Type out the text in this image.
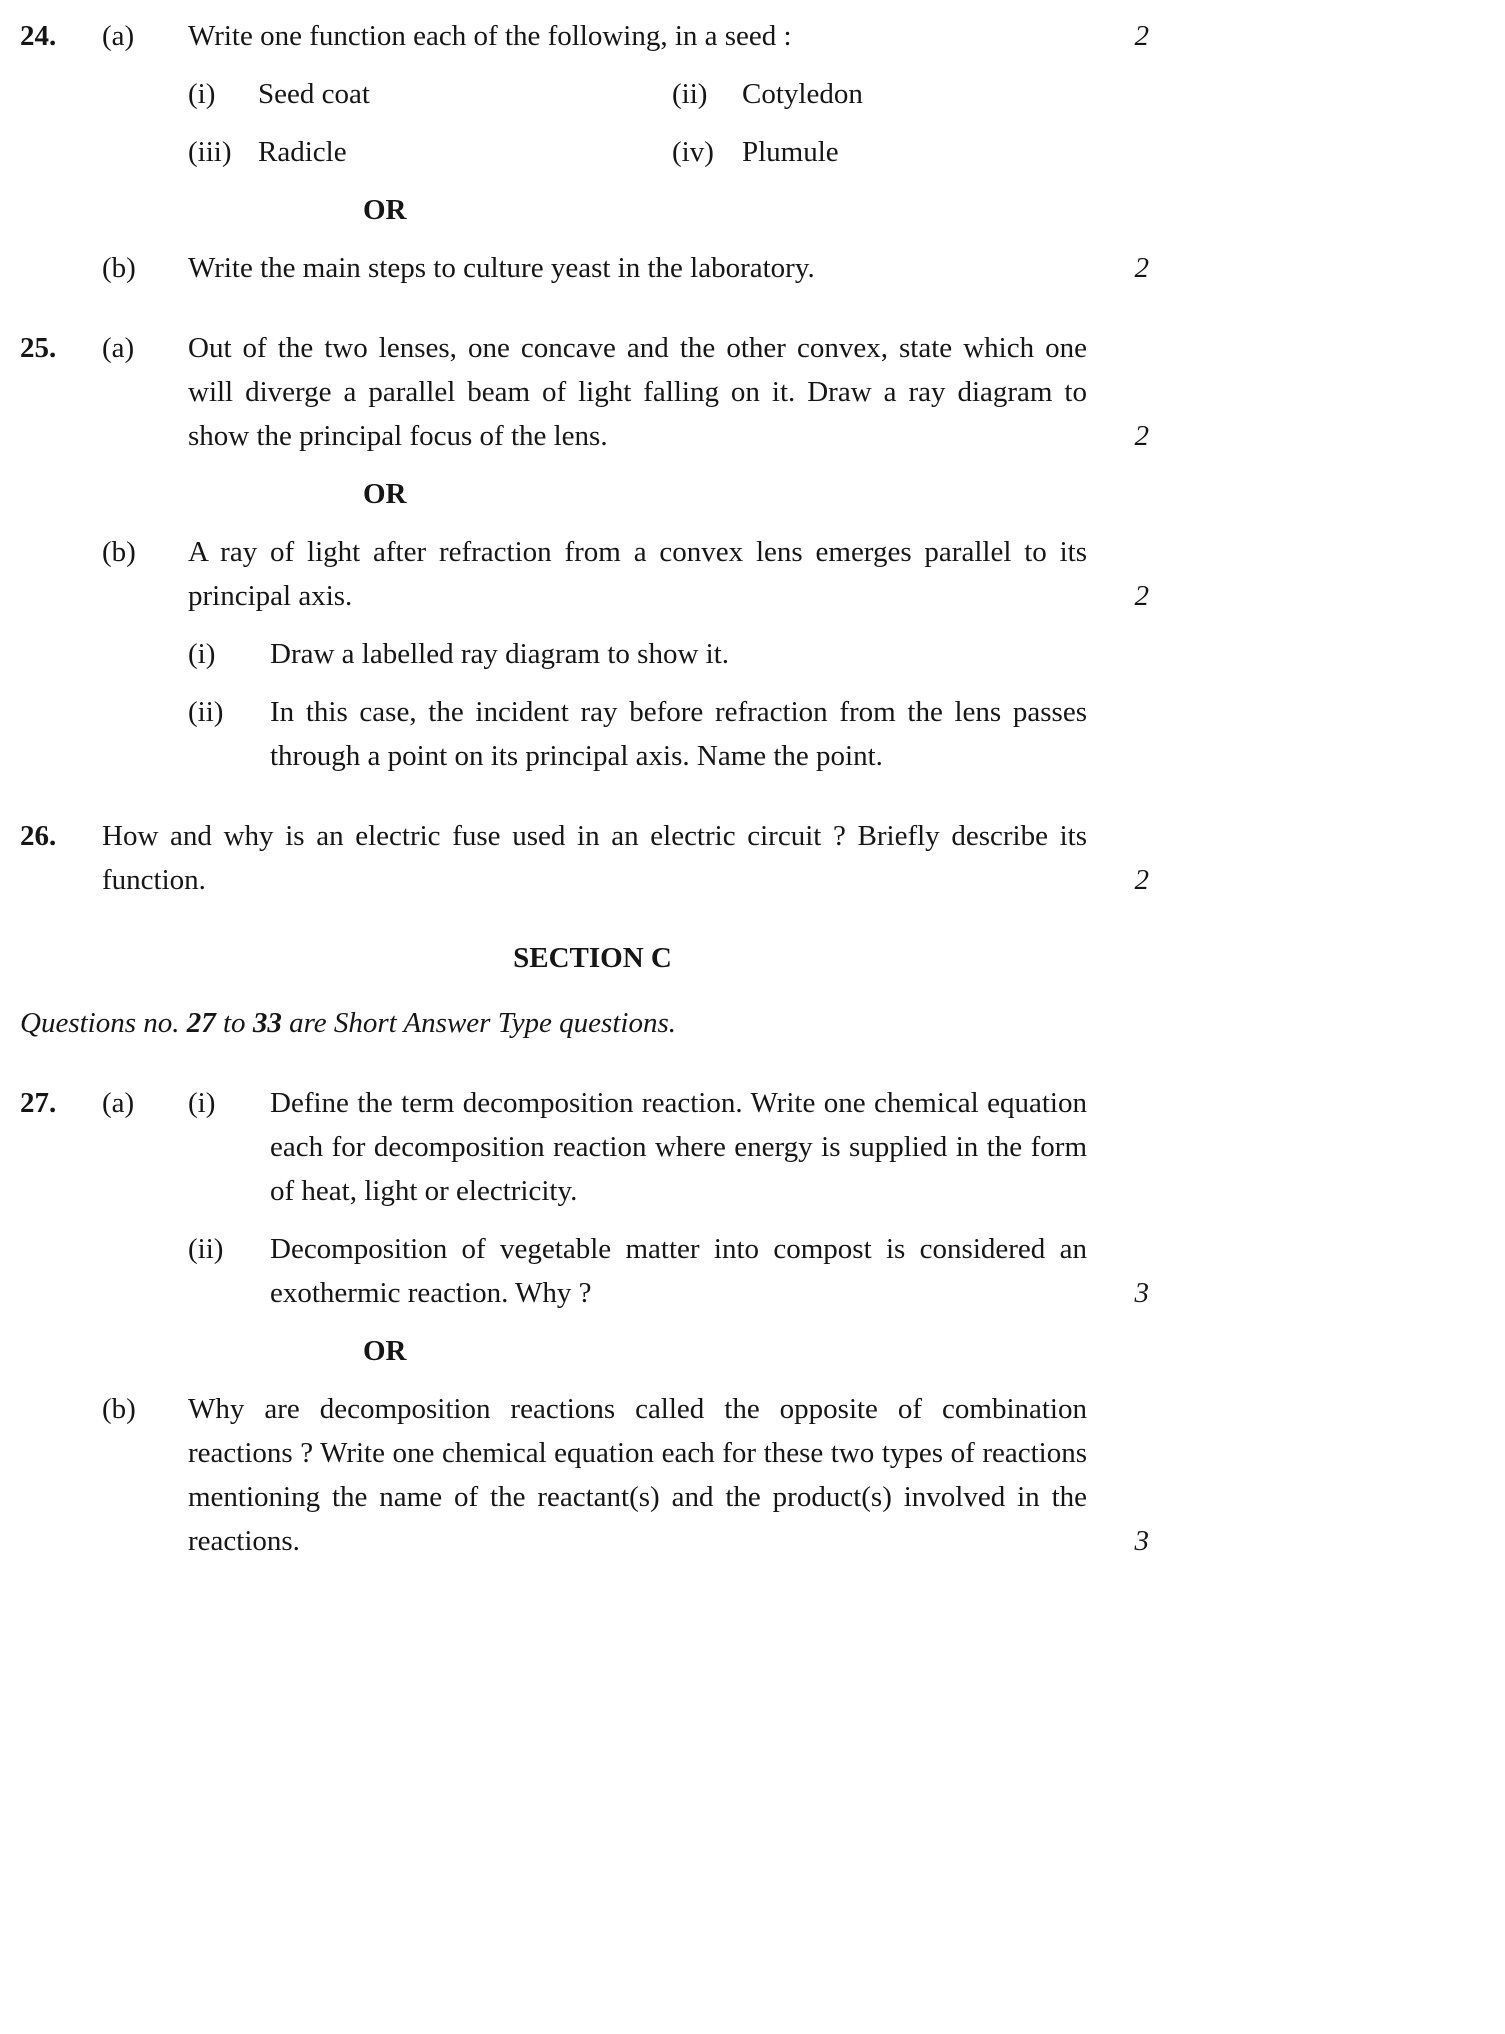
24.	(a)	Write one function each of the following, in a seed :	2
(i)	Seed coat	(ii)	Cotyledon
(iii) Radicle	(iv) Plumule
OR
(b)	Write the main steps to culture yeast in the laboratory.	2
25.	(a)	Out of the two lenses, one concave and the other convex, state which one will diverge a parallel beam of light falling on it. Draw a ray diagram to show the principal focus of the lens.	2
OR
(b)	A ray of light after refraction from a convex lens emerges parallel to its principal axis.	2
(i)	Draw a labelled ray diagram to show it.
(ii)	In this case, the incident ray before refraction from the lens passes through a point on its principal axis. Name the point.
26.	How and why is an electric fuse used in an electric circuit ? Briefly describe its function.	2
SECTION C
Questions no. 27 to 33 are Short Answer Type questions.
27.	(a)	(i)	Define the term decomposition reaction. Write one chemical equation each for decomposition reaction where energy is supplied in the form of heat, light or electricity.
(ii)	Decomposition of vegetable matter into compost is considered an exothermic reaction. Why ?	3
OR
(b)	Why are decomposition reactions called the opposite of combination reactions ? Write one chemical equation each for these two types of reactions mentioning the name of the reactant(s) and the product(s) involved in the reactions.	3
